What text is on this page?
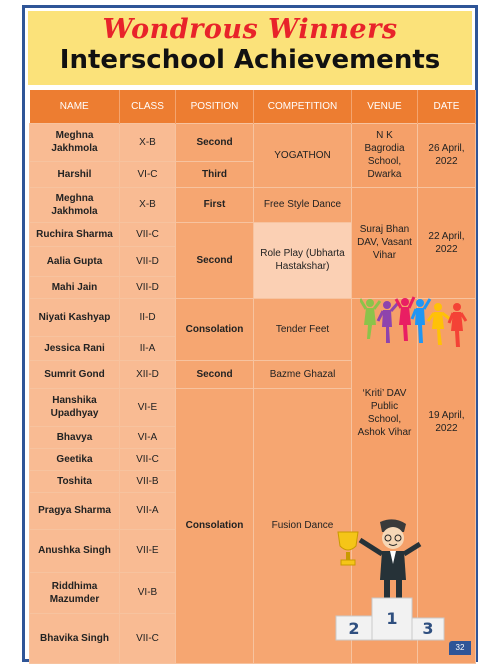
Wondrous Winners
Interschool Achievements
NAME	CLASS	POSITION	COMPETITION	VENUE	DATE
Meghna Jakhmola	X-B	Second	YOGATHON	N K Bagrodia School, Dwarka	26 April, 2022
Harshil	VI-C	Third			
Meghna Jakhmola	X-B	First	Free Style Dance	Suraj Bhan DAV, Vasant Vihar	22 April, 2022
Ruchira Sharma	VII-C	Second	Role Play (Ubharta Hastakshar)		
Aalia Gupta	VII-D				
Mahi Jain	VII-D				
Niyati Kashyap	II-D	Consolation	Tender Feet	‘Kriti’ DAV Public School, Ashok Vihar	19 April, 2022
Jessica Rani	II-A				
Sumrit Gond	XII-D	Second	Bazme Ghazal		
Hanshika Upadhyay	VI-E	Consolation	Fusion Dance		
Bhavya	VI-A				
Geetika	VII-C				
Toshita	VII-B				
Pragya Sharma	VII-A				
Anushka Singh	VII-E				
Riddhima Mazumder	VI-B				
Bhavika Singh	VII-C				
32
1
2	3
